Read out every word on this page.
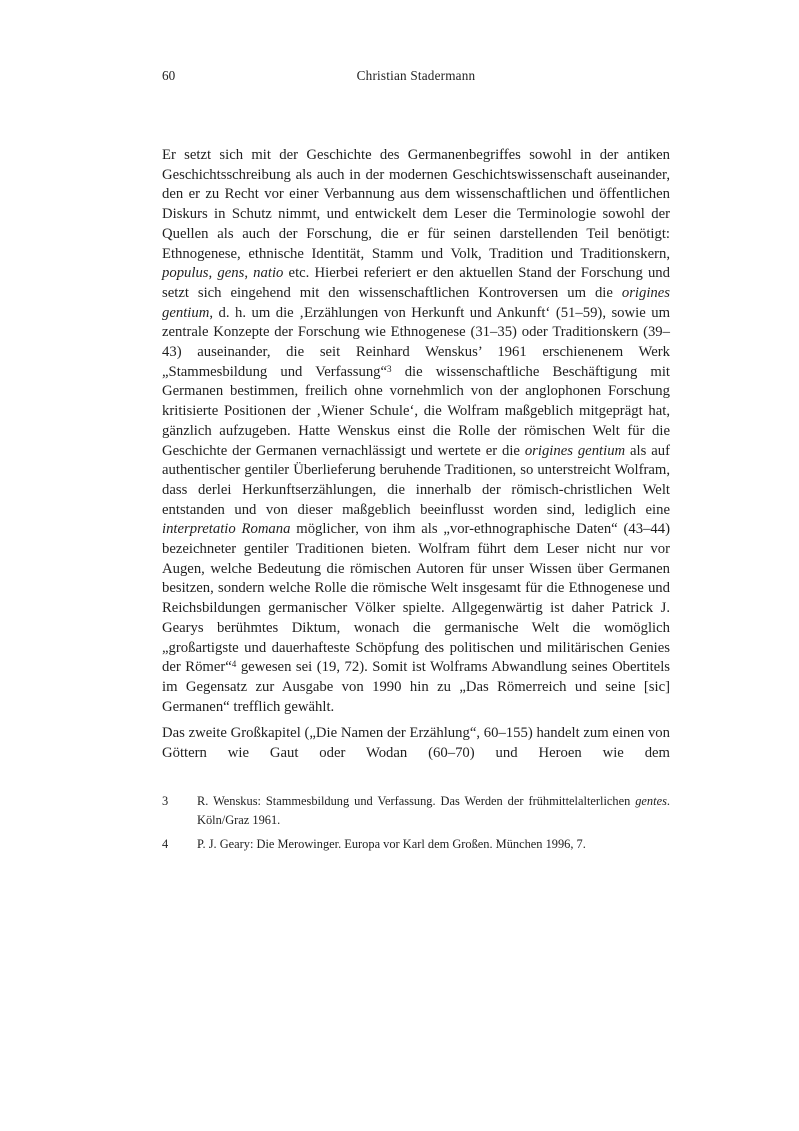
60	Christian Stadermann

Er setzt sich mit der Geschichte des Germanenbegriffes sowohl in der antiken Geschichtsschreibung als auch in der modernen Geschichtswissenschaft auseinander, den er zu Recht vor einer Verbannung aus dem wissenschaftlichen und öffentlichen Diskurs in Schutz nimmt, und entwickelt dem Leser die Terminologie sowohl der Quellen als auch der Forschung, die er für seinen darstellenden Teil benötigt: Ethnogenese, ethnische Identität, Stamm und Volk, Tradition und Traditionskern, populus, gens, natio etc. Hierbei referiert er den aktuellen Stand der Forschung und setzt sich eingehend mit den wissenschaftlichen Kontroversen um die origines gentium, d. h. um die ‚Erzählungen von Herkunft und Ankunft‘ (51–59), sowie um zentrale Konzepte der Forschung wie Ethnogenese (31–35) oder Traditionskern (39–43) auseinander, die seit Reinhard Wenskus’ 1961 erschienenem Werk „Stammesbildung und Verfassung“$^3$ die wissenschaftliche Beschäftigung mit Germanen bestimmen, freilich ohne vornehmlich von der anglophonen Forschung kritisierte Positionen der ‚Wiener Schule‘, die Wolfram maßgeblich mitgeprägt hat, gänzlich aufzugeben. Hatte Wenskus einst die Rolle der römischen Welt für die Geschichte der Germanen vernachlässigt und wertete er die origines gentium als auf authentischer gentiler Überlieferung beruhende Traditionen, so unterstreicht Wolfram, dass derlei Herkunftserzählungen, die innerhalb der römisch-christlichen Welt entstanden und von dieser maßgeblich beeinflusst worden sind, lediglich eine interpretatio Romana möglicher, von ihm als „vor-ethnographische Daten“ (43–44) bezeichneter gentiler Traditionen bieten. Wolfram führt dem Leser nicht nur vor Augen, welche Bedeutung die römischen Autoren für unser Wissen über Germanen besitzen, sondern welche Rolle die römische Welt insgesamt für die Ethnogenese und Reichsbildungen germanischer Völker spielte. Allgegenwärtig ist daher Patrick J. Gearys berühmtes Diktum, wonach die germanische Welt die womöglich „großartigste und dauerhafteste Schöpfung des politischen und militärischen Genies der Römer“$^4$ gewesen sei (19, 72). Somit ist Wolframs Abwandlung seines Obertitels im Gegensatz zur Ausgabe von 1990 hin zu „Das Römerreich und seine [sic] Germanen“ trefflich gewählt.

Das zweite Großkapitel („Die Namen der Erzählung“, 60–155) handelt zum einen von Göttern wie Gaut oder Wodan (60–70) und Heroen wie dem

3 R. Wenskus: Stammesbildung und Verfassung. Das Werden der frühmittelalterlichen gentes. Köln/Graz 1961.
4 P. J. Geary: Die Merowinger. Europa vor Karl dem Großen. München 1996, 7.
